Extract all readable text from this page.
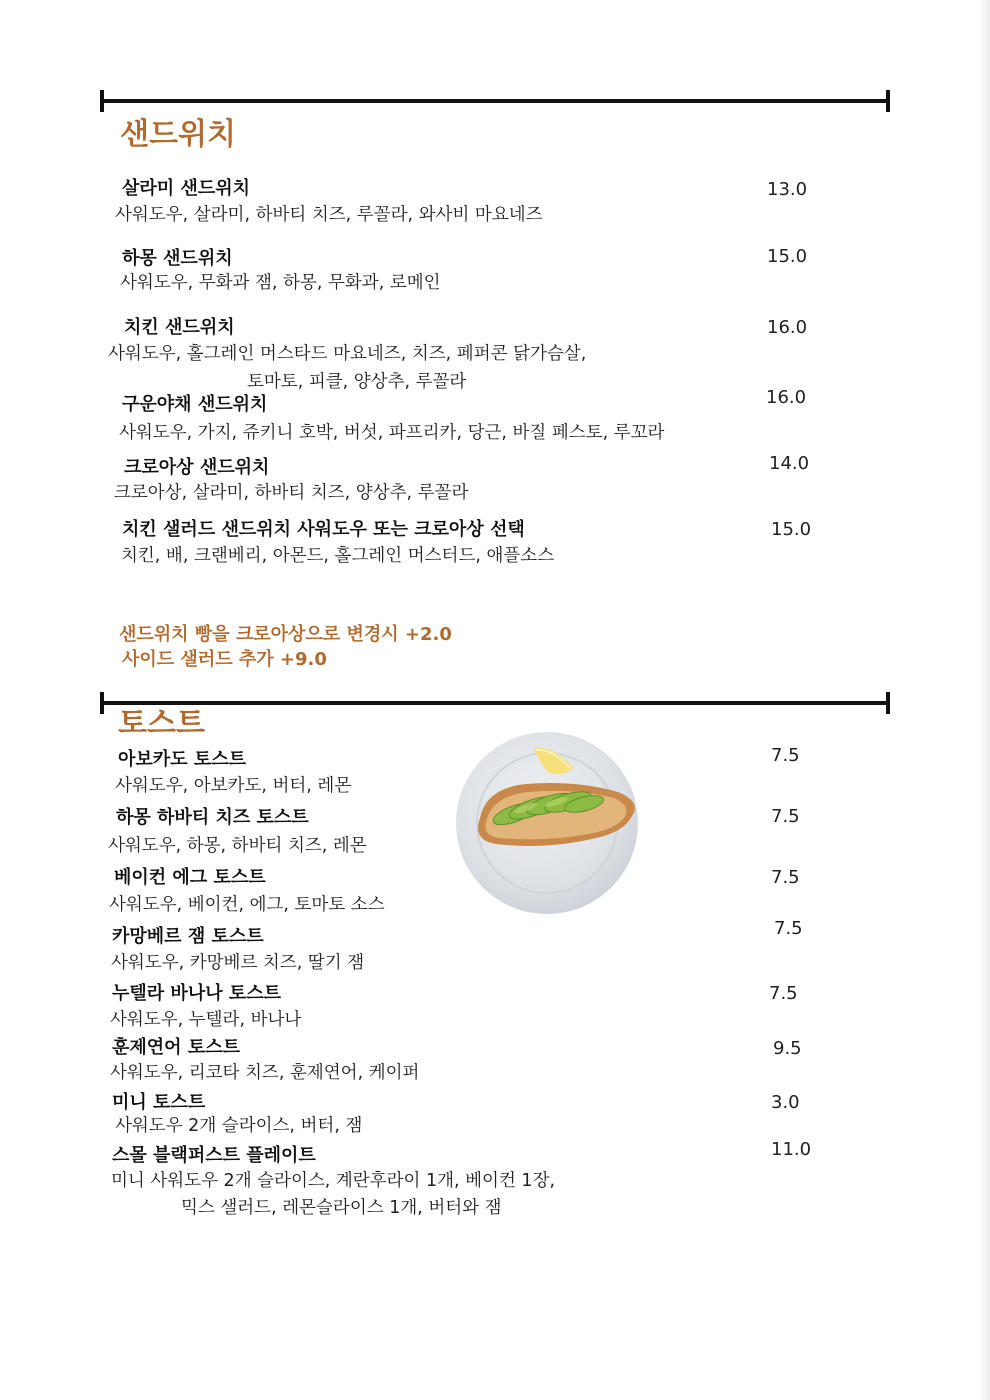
샌드위치
살라미 샌드위치
사워도우, 살라미, 하바티 치즈, 루꼴라, 와사비 마요네즈
13.0
하몽 샌드위치
사워도우, 무화과 잼, 하몽, 무화과, 로메인
15.0
치킨 샌드위치
사워도우, 홀그레인 머스타드 마요네즈, 치즈, 페퍼콘 닭가슴살,
토마토, 피클, 양상추, 루꼴라
16.0
구운야채 샌드위치
사워도우, 가지, 쥬키니 호박, 버섯, 파프리카, 당근, 바질 페스토, 루꼬라
16.0
크로아상 샌드위치
크로아상, 살라미, 하바티 치즈, 양상추, 루꼴라
14.0
치킨 샐러드 샌드위치 사워도우 또는 크로아상 선택
치킨, 배, 크랜베리, 아몬드, 홀그레인 머스터드, 애플소스
15.0
샌드위치 빵을 크로아상으로 변경시 +2.0
사이드 샐러드 추가 +9.0
토스트
아보카도 토스트
사워도우, 아보카도, 버터, 레몬
7.5
하몽 하바티 치즈 토스트
사워도우, 하몽, 하바티 치즈, 레몬
7.5
베이컨 에그 토스트
사워도우, 베이컨, 에그, 토마토 소스
7.5
카망베르 잼 토스트
사워도우, 카망베르 치즈, 딸기 잼
7.5
누텔라 바나나 토스트
사워도우, 누텔라, 바나나
7.5
훈제연어 토스트
사워도우, 리코타 치즈, 훈제연어, 케이퍼
9.5
미니 토스트
사워도우 2개 슬라이스, 버터, 잼
3.0
스몰 블랙퍼스트 플레이트
미니 사워도우 2개 슬라이스, 계란후라이 1개, 베이컨 1장,
믹스 샐러드, 레몬슬라이스 1개, 버터와 잼
11.0
